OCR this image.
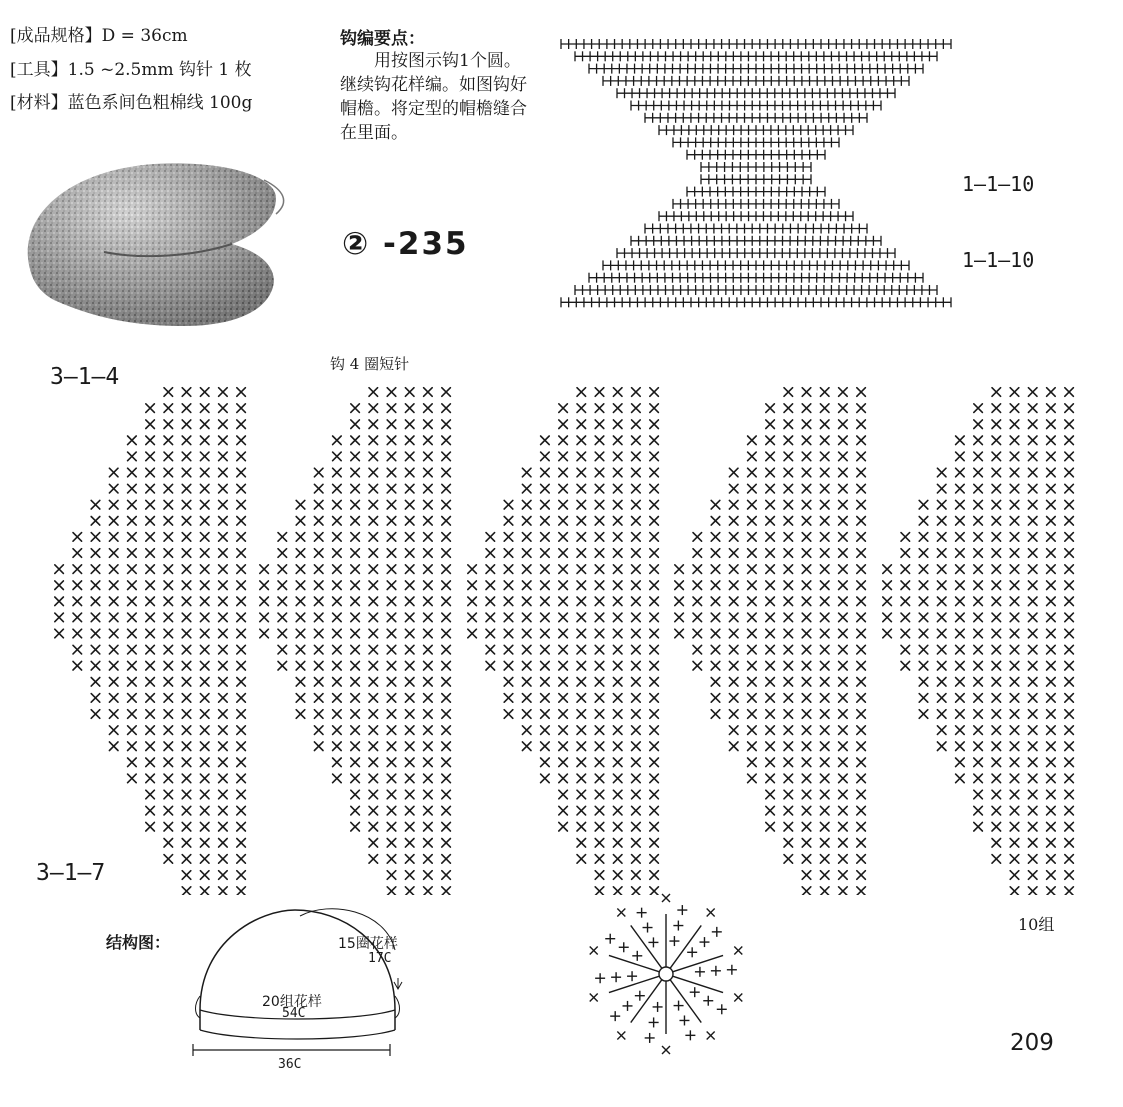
[成品规格】D = 36cm
[工具】1.5 ~2.5mm 钩针 1 枚
[材料】蓝色系间色粗棉线 100g
钩编要点：
用按图示钩1个圆。继续钩花样编。如图钩好帽檐。将定型的帽檐缝合在里面。
② -235
1—1—10
1—1—10
钩 4 圈短针
3—1—4
3—1—7
结构图：	15圈花样
17C
20组花样
54C
36C
10组
209
